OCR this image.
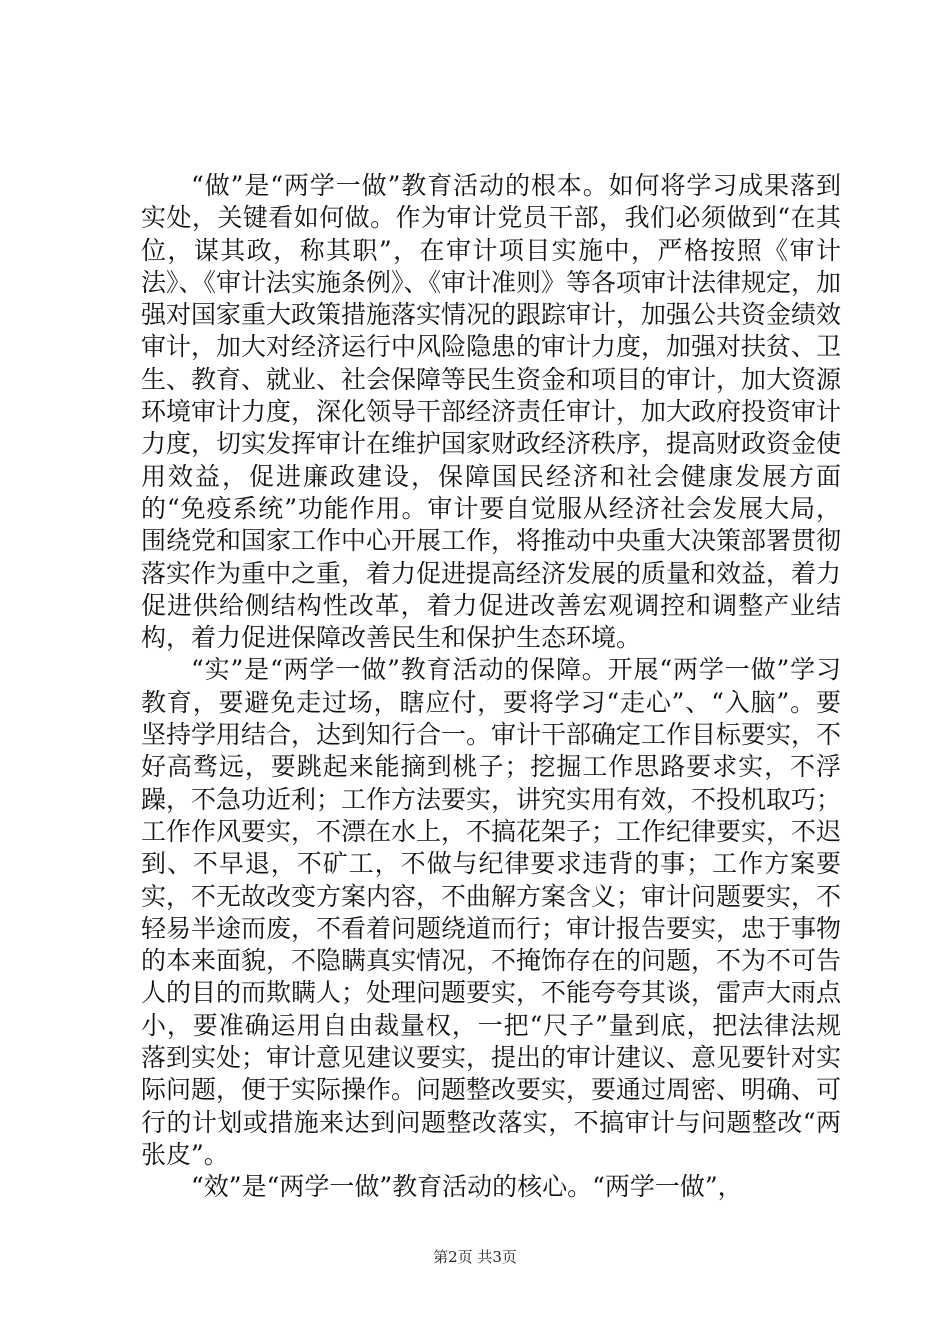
“做”是“两学一做”教育活动的根本。如何将学习成果落到实处，关键看如何做。作为审计党员干部，我们必须做到“在其位，谋其政，称其职”，在审计项目实施中，严格按照《审计法》、《审计法实施条例》、《审计准则》等各项审计法律规定，加强对国家重大政策措施落实情况的跟踪审计，加强公共资金绩效审计，加大对经济运行中风险隐患的审计力度，加强对扶贫、卫生、教育、就业、社会保障等民生资金和项目的审计，加大资源环境审计力度，深化领导干部经济责任审计，加大政府投资审计力度，切实发挥审计在维护国家财政经济秩序，提高财政资金使用效益，促进廉政建设，保障国民经济和社会健康发展方面的“免疫系统”功能作用。审计要自觉服从经济社会发展大局，围绕党和国家工作中心开展工作，将推动中央重大决策部署贯彻落实作为重中之重，着力促进提高经济发展的质量和效益，着力促进供给侧结构性改革，着力促进改善宏观调控和调整产业结构，着力促进保障改善民生和保护生态环境。

“实”是“两学一做”教育活动的保障。开展“两学一做”学习教育，要避免走过场，瞎应付，要将学习“走心”、“入脑”。要坚持学用结合，达到知行合一。审计干部确定工作目标要实，不好高骛远，要跳起来能摘到桃子；挖掘工作思路要求实，不浮躁，不急功近利；工作方法要实，讲究实用有效，不投机取巧；工作作风要实，不漂在水上，不搞花架子；工作纪律要实，不迟到、不早退，不矿工，不做与纪律要求违背的事；工作方案要实，不无故改变方案内容，不曲解方案含义；审计问题要实，不轻易半途而废，不看着问题绕道而行；审计报告要实，忠于事物的本来面貌，不隐瞒真实情况，不掩饰存在的问题，不为不可告人的目的而欺瞒人；处理问题要实，不能夸夸其谈，雷声大雨点小，要准确运用自由裁量权，一把“尺子”量到底，把法律法规落到实处；审计意见建议要实，提出的审计建议、意见要针对实际问题，便于实际操作。问题整改要实，要通过周密、明确、可行的计划或措施来达到问题整改落实，不搞审计与问题整改“两张皮”。

“效”是“两学一做”教育活动的核心。“两学一做”，

第2页 共3页
